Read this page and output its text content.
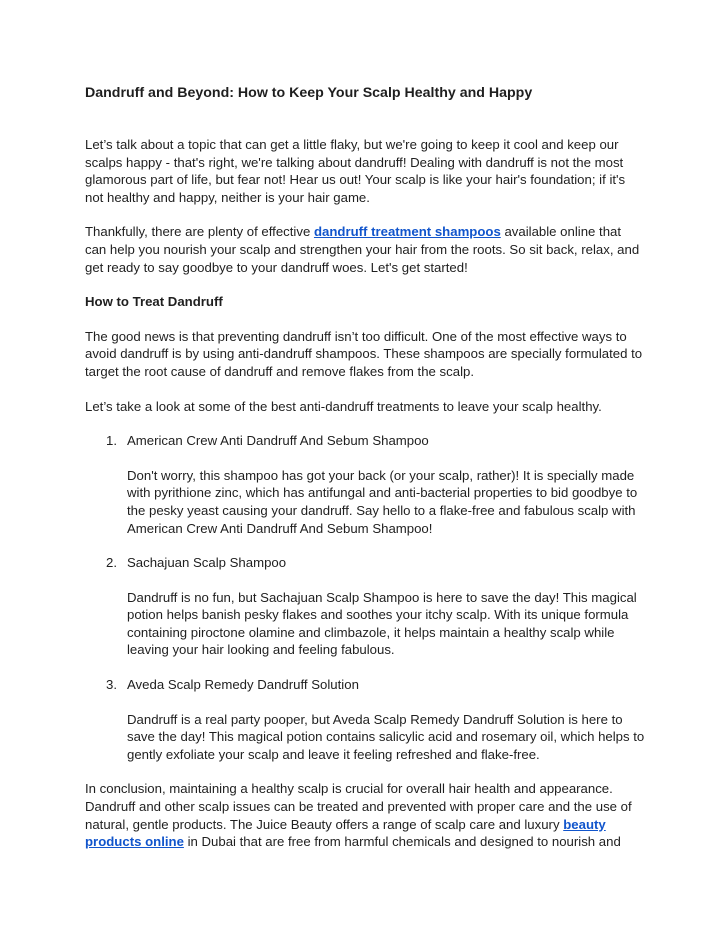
Dandruff and Beyond: How to Keep Your Scalp Healthy and Happy

Let’s talk about a topic that can get a little flaky, but we're going to keep it cool and keep our scalps happy - that's right, we're talking about dandruff! Dealing with dandruff is not the most glamorous part of life, but fear not! Hear us out! Your scalp is like your hair's foundation; if it's not healthy and happy, neither is your hair game.

Thankfully, there are plenty of effective dandruff treatment shampoos available online that can help you nourish your scalp and strengthen your hair from the roots. So sit back, relax, and get ready to say goodbye to your dandruff woes. Let's get started!

How to Treat Dandruff

The good news is that preventing dandruff isn’t too difficult. One of the most effective ways to avoid dandruff is by using anti-dandruff shampoos. These shampoos are specially formulated to target the root cause of dandruff and remove flakes from the scalp.

Let’s take a look at some of the best anti-dandruff treatments to leave your scalp healthy.

1. American Crew Anti Dandruff And Sebum Shampoo
Don't worry, this shampoo has got your back (or your scalp, rather)! It is specially made with pyrithione zinc, which has antifungal and anti-bacterial properties to bid goodbye to the pesky yeast causing your dandruff. Say hello to a flake-free and fabulous scalp with American Crew Anti Dandruff And Sebum Shampoo!
2. Sachajuan Scalp Shampoo
Dandruff is no fun, but Sachajuan Scalp Shampoo is here to save the day! This magical potion helps banish pesky flakes and soothes your itchy scalp. With its unique formula containing piroctone olamine and climbazole, it helps maintain a healthy scalp while leaving your hair looking and feeling fabulous.
3. Aveda Scalp Remedy Dandruff Solution
Dandruff is a real party pooper, but Aveda Scalp Remedy Dandruff Solution is here to save the day! This magical potion contains salicylic acid and rosemary oil, which helps to gently exfoliate your scalp and leave it feeling refreshed and flake-free.

In conclusion, maintaining a healthy scalp is crucial for overall hair health and appearance. Dandruff and other scalp issues can be treated and prevented with proper care and the use of natural, gentle products. The Juice Beauty offers a range of scalp care and luxury beauty products online in Dubai that are free from harmful chemicals and designed to nourish and
